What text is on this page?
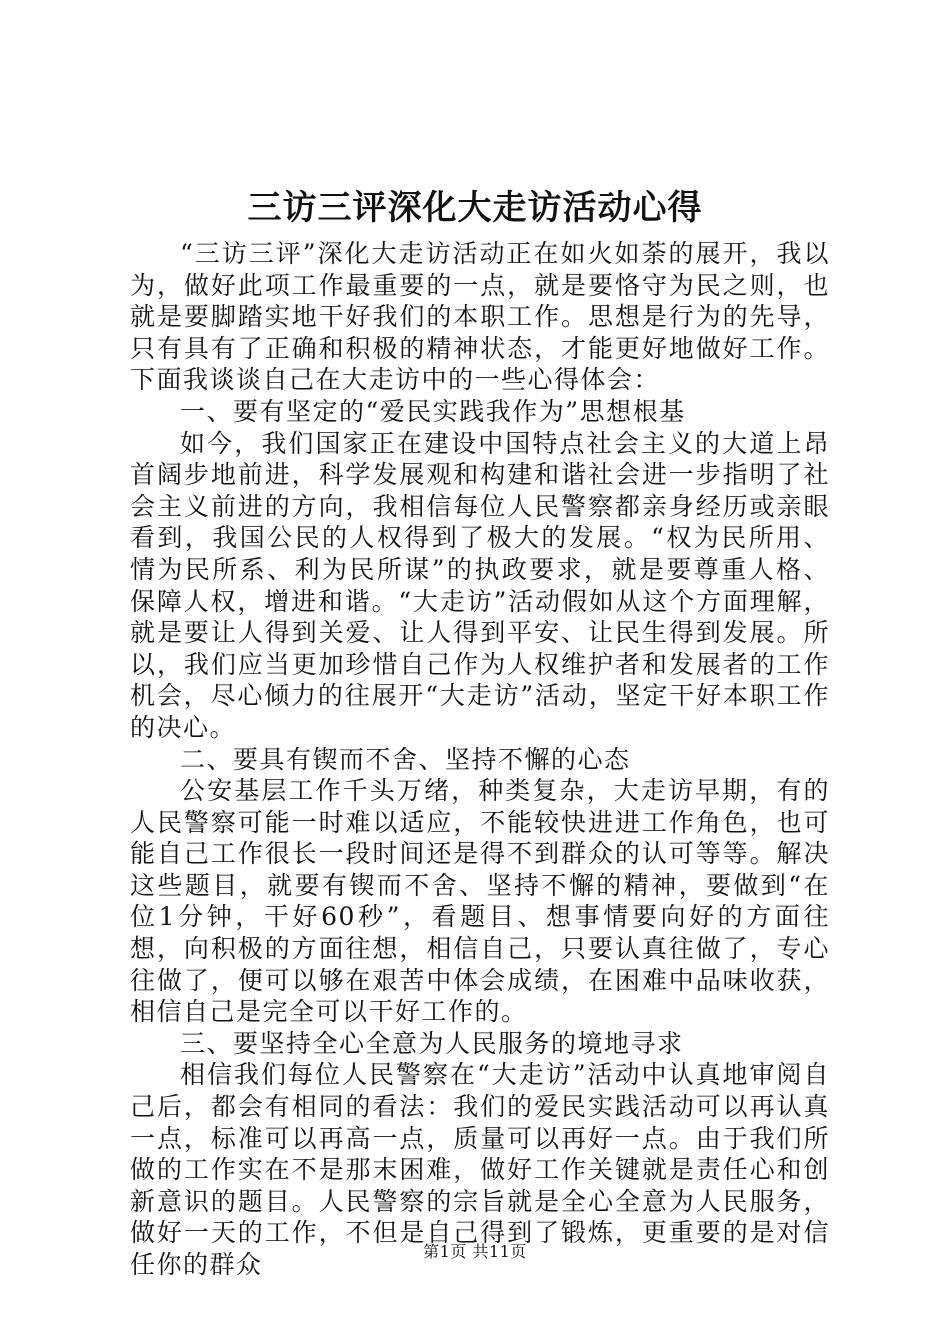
三访三评深化大走访活动心得

“三访三评”深化大走访活动正在如火如荼的展开，我以为，做好此项工作最重要的一点，就是要恪守为民之则，也就是要脚踏实地干好我们的本职工作。思想是行为的先导，只有具有了正确和积极的精神状态，才能更好地做好工作。下面我谈谈自己在大走访中的一些心得体会：

一、要有坚定的“爱民实践我作为”思想根基

如今，我们国家正在建设中国特点社会主义的大道上昂首阔步地前进，科学发展观和构建和谐社会进一步指明了社会主义前进的方向，我相信每位人民警察都亲身经历或亲眼看到，我国公民的人权得到了极大的发展。“权为民所用、情为民所系、利为民所谋”的执政要求，就是要尊重人格、保障人权，增进和谐。“大走访”活动假如从这个方面理解，就是要让人得到关爱、让人得到平安、让民生得到发展。所以，我们应当更加珍惜自己作为人权维护者和发展者的工作机会，尽心倾力的往展开“大走访”活动，坚定干好本职工作的决心。

二、要具有锲而不舍、坚持不懈的心态

公安基层工作千头万绪，种类复杂，大走访早期，有的人民警察可能一时难以适应，不能较快进进工作角色，也可能自己工作很长一段时间还是得不到群众的认可等等。解决这些题目，就要有锲而不舍、坚持不懈的精神，要做到“在位1分钟，干好60秒”，看题目、想事情要向好的方面往想，向积极的方面往想，相信自己，只要认真往做了，专心往做了，便可以够在艰苦中体会成绩，在困难中品味收获，相信自己是完全可以干好工作的。

三、要坚持全心全意为人民服务的境地寻求

相信我们每位人民警察在“大走访”活动中认真地审阅自己后，都会有相同的看法：我们的爱民实践活动可以再认真一点，标准可以再高一点，质量可以再好一点。由于我们所做的工作实在不是那末困难，做好工作关键就是责任心和创新意识的题目。人民警察的宗旨就是全心全意为人民服务，做好一天的工作，不但是自己得到了锻炼，更重要的是对信任你的群众	第1页 共11页
